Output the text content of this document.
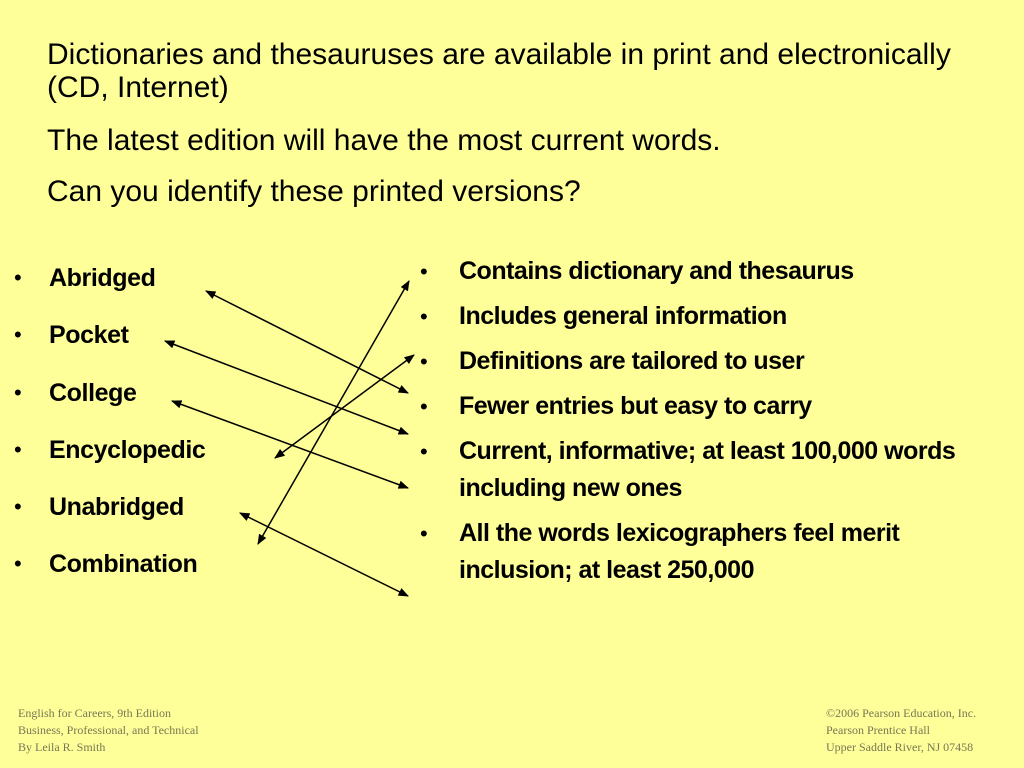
Dictionaries and thesauruses are available in print and electronically (CD, Internet)

The latest edition will have the most current words.

Can you identify these printed versions?

• Abridged
• Pocket
• College
• Encyclopedic
• Unabridged
• Combination
• Contains dictionary and thesaurus
• Includes general information
• Definitions are tailored to user
• Fewer entries but easy to carry
• Current, informative; at least 100,000 words including new ones
• All the words lexicographers feel merit inclusion; at least 250,000
English for Careers, 9th Edition
Business, Professional, and Technical
By Leila R. Smith
©2006 Pearson Education, Inc.
Pearson Prentice Hall
Upper Saddle River, NJ 07458
